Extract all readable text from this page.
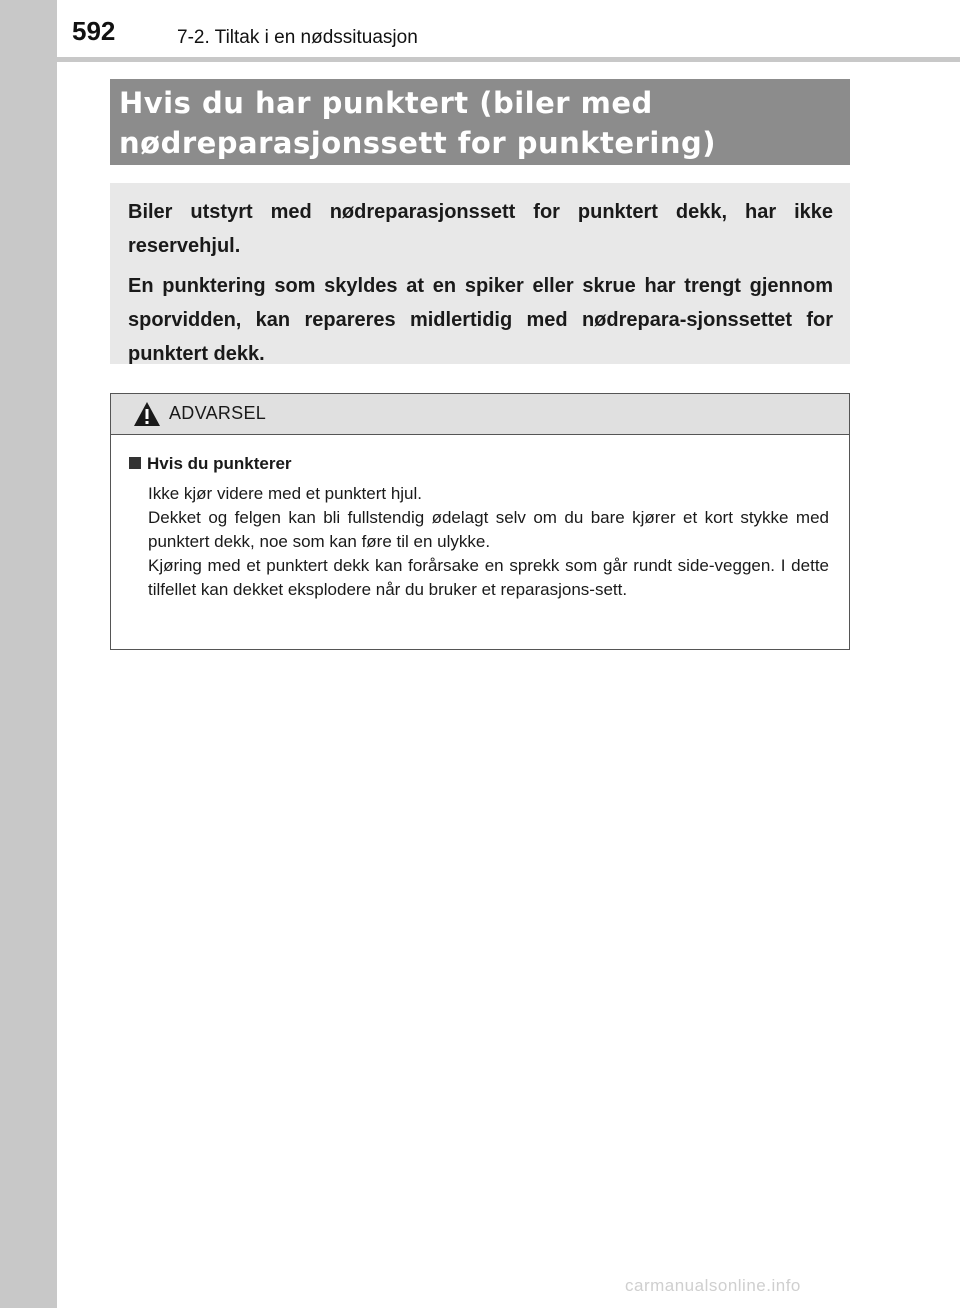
592	7-2. Tiltak i en nødssituasjon
Hvis du har punktert (biler med
nødreparasjonssett for punktering)

Biler utstyrt med nødreparasjonssett for punktert dekk, har ikke reservehjul.

En punktering som skyldes at en spiker eller skrue har trengt gjennom sporvidden, kan repareres midlertidig med nødrepara-sjonssettet for punktert dekk.

ADVARSEL
Hvis du punkterer

Ikke kjør videre med et punktert hjul.
Dekket og felgen kan bli fullstendig ødelagt selv om du bare kjører et kort stykke med punktert dekk, noe som kan føre til en ulykke.
Kjøring med et punktert dekk kan forårsake en sprekk som går rundt side-veggen. I dette tilfellet kan dekket eksplodere når du bruker et reparasjons-sett.

carmanualsonline.info
